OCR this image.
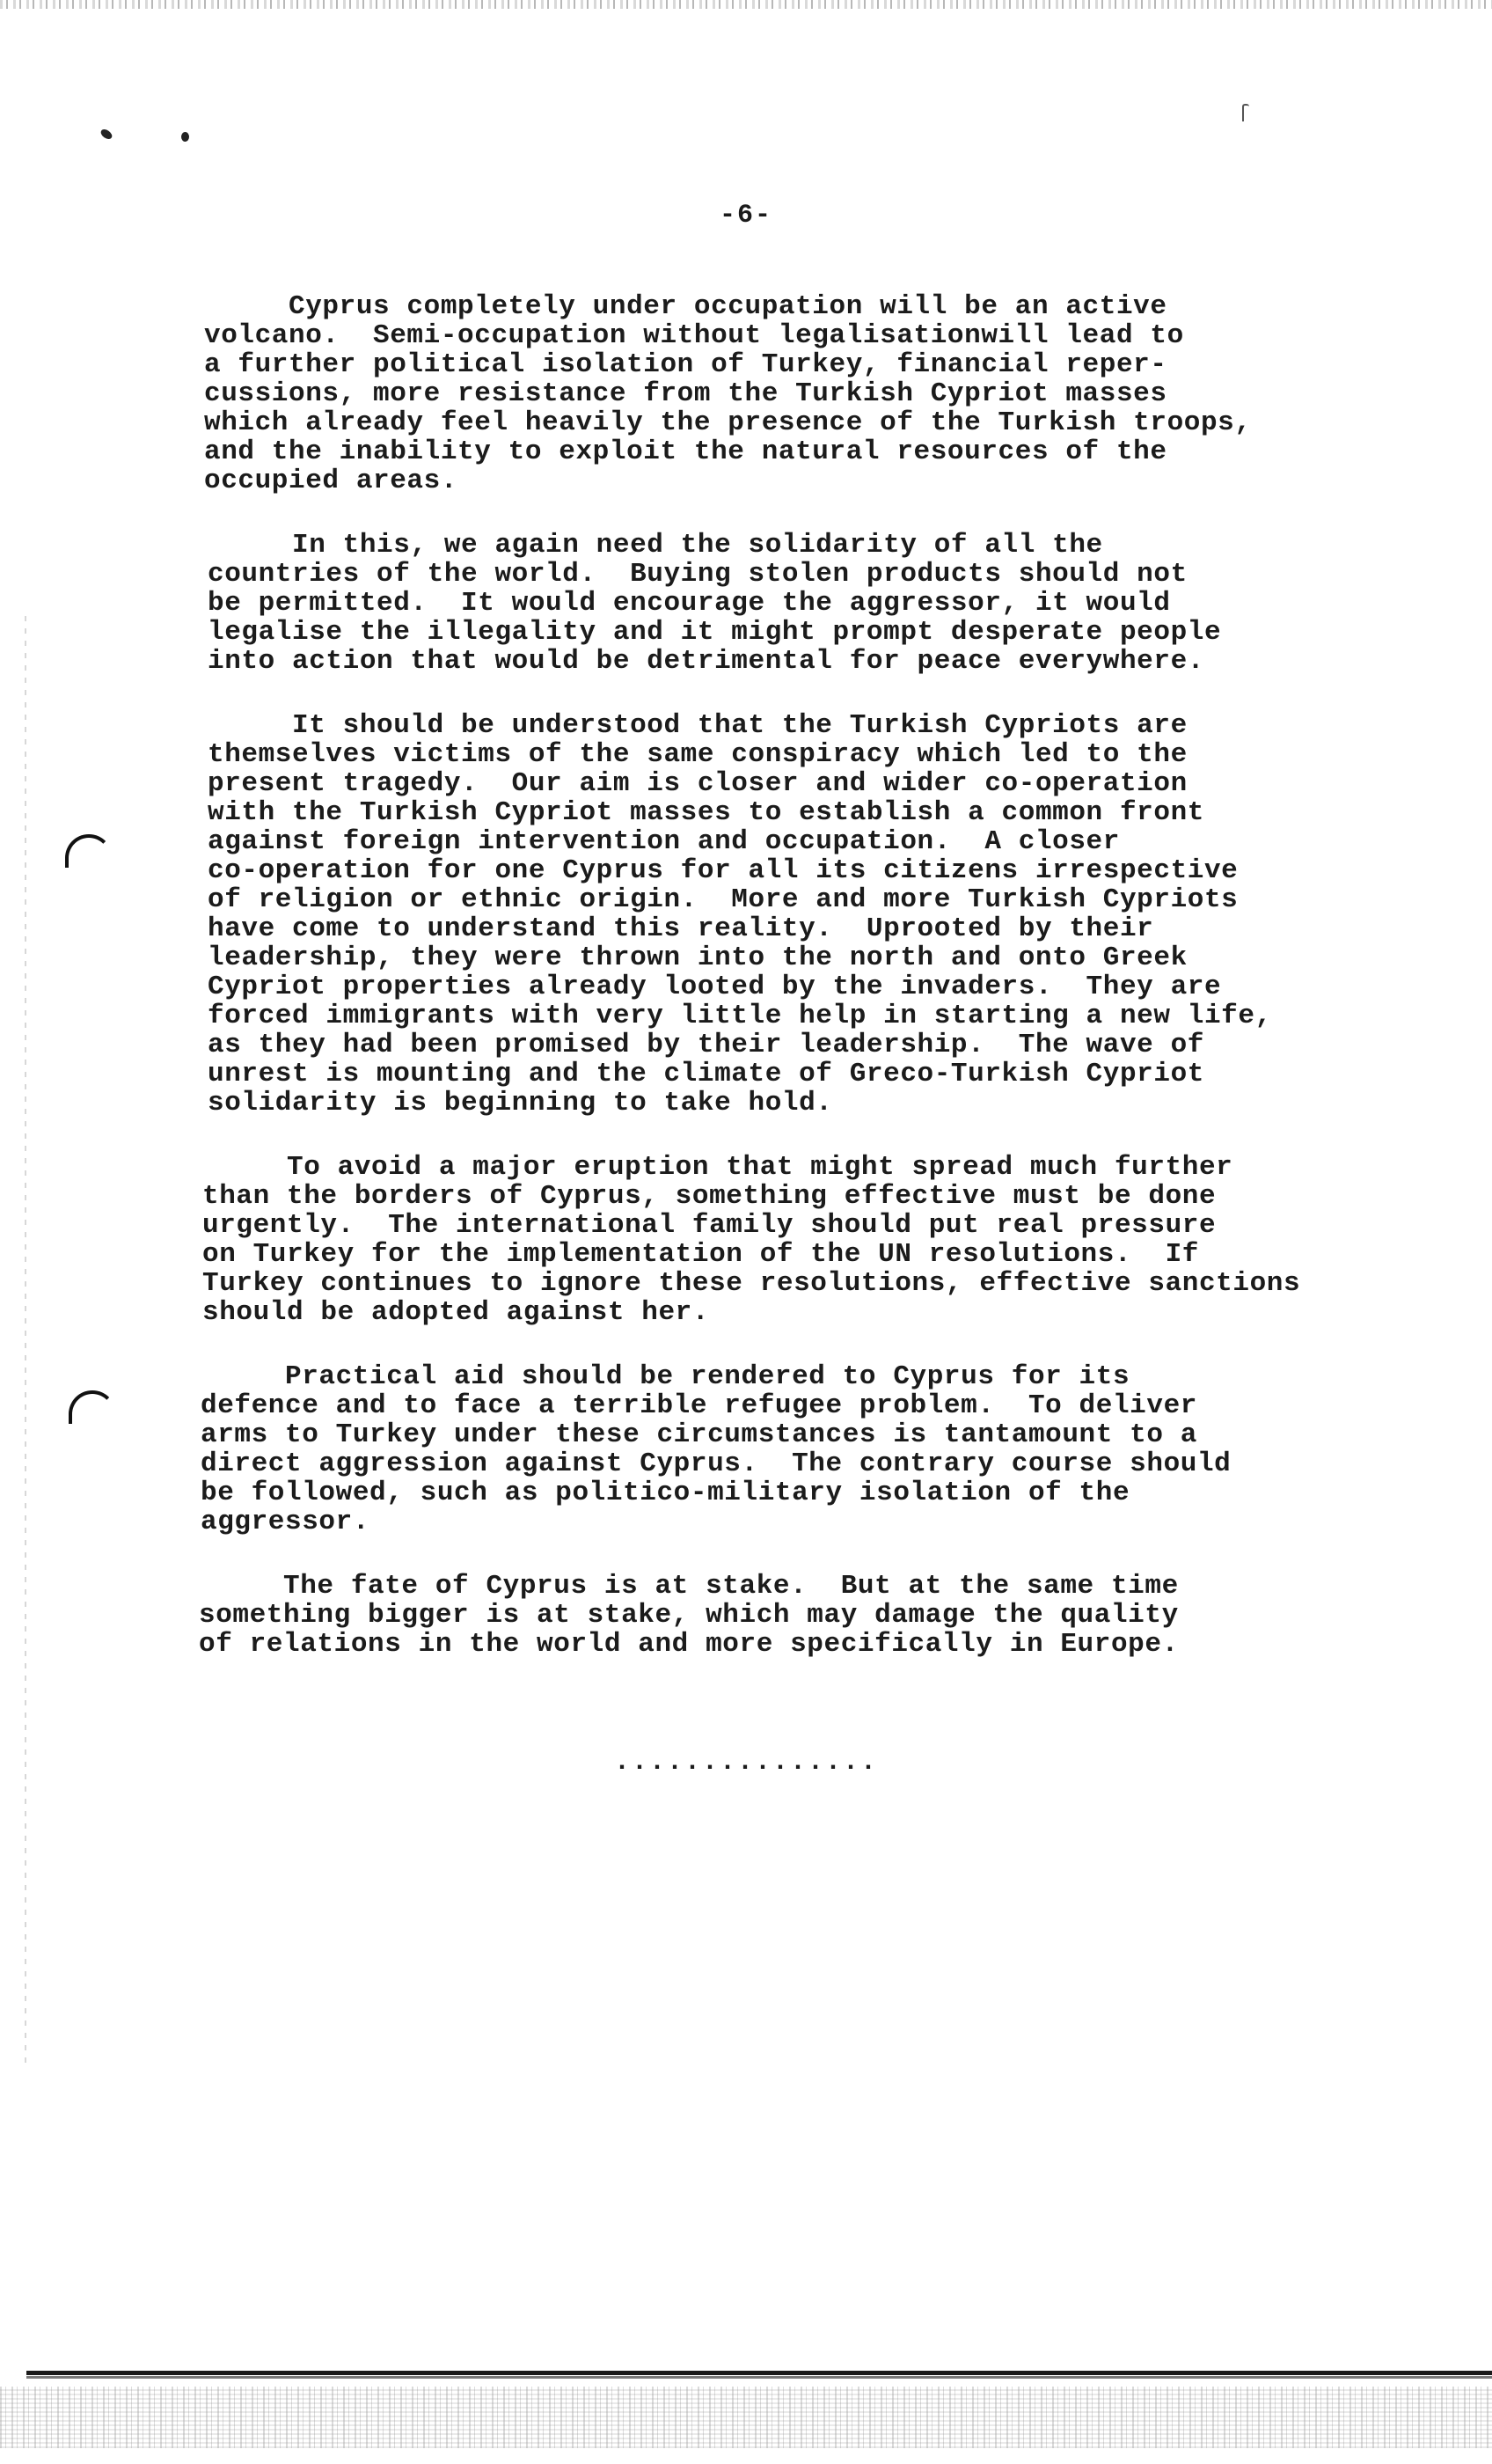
-6-

Cyprus completely under occupation will be an active
volcano.  Semi-occupation without legalisationwill lead to
a further political isolation of Turkey, financial reper-
cussions, more resistance from the Turkish Cypriot masses
which already feel heavily the presence of the Turkish troops,
and the inability to exploit the natural resources of the
occupied areas.

In this, we again need the solidarity of all the
countries of the world.  Buying stolen products should not
be permitted.  It would encourage the aggressor, it would
legalise the illegality and it might prompt desperate people
into action that would be detrimental for peace everywhere.

It should be understood that the Turkish Cypriots are
themselves victims of the same conspiracy which led to the
present tragedy.  Our aim is closer and wider co-operation
with the Turkish Cypriot masses to establish a common front
against foreign intervention and occupation.  A closer
co-operation for one Cyprus for all its citizens irrespective
of religion or ethnic origin.  More and more Turkish Cypriots
have come to understand this reality.  Uprooted by their
leadership, they were thrown into the north and onto Greek
Cypriot properties already looted by the invaders.  They are
forced immigrants with very little help in starting a new life,
as they had been promised by their leadership.  The wave of
unrest is mounting and the climate of Greco-Turkish Cypriot
solidarity is beginning to take hold.

To avoid a major eruption that might spread much further
than the borders of Cyprus, something effective must be done
urgently.  The international family should put real pressure
on Turkey for the implementation of the UN resolutions.  If
Turkey continues to ignore these resolutions, effective sanctions
should be adopted against her.

Practical aid should be rendered to Cyprus for its
defence and to face a terrible refugee problem.  To deliver
arms to Turkey under these circumstances is tantamount to a
direct aggression against Cyprus.  The contrary course should
be followed, such as politico-military isolation of the
aggressor.

The fate of Cyprus is at stake.  But at the same time
something bigger is at stake, which may damage the quality
of relations in the world and more specifically in Europe.

...............
